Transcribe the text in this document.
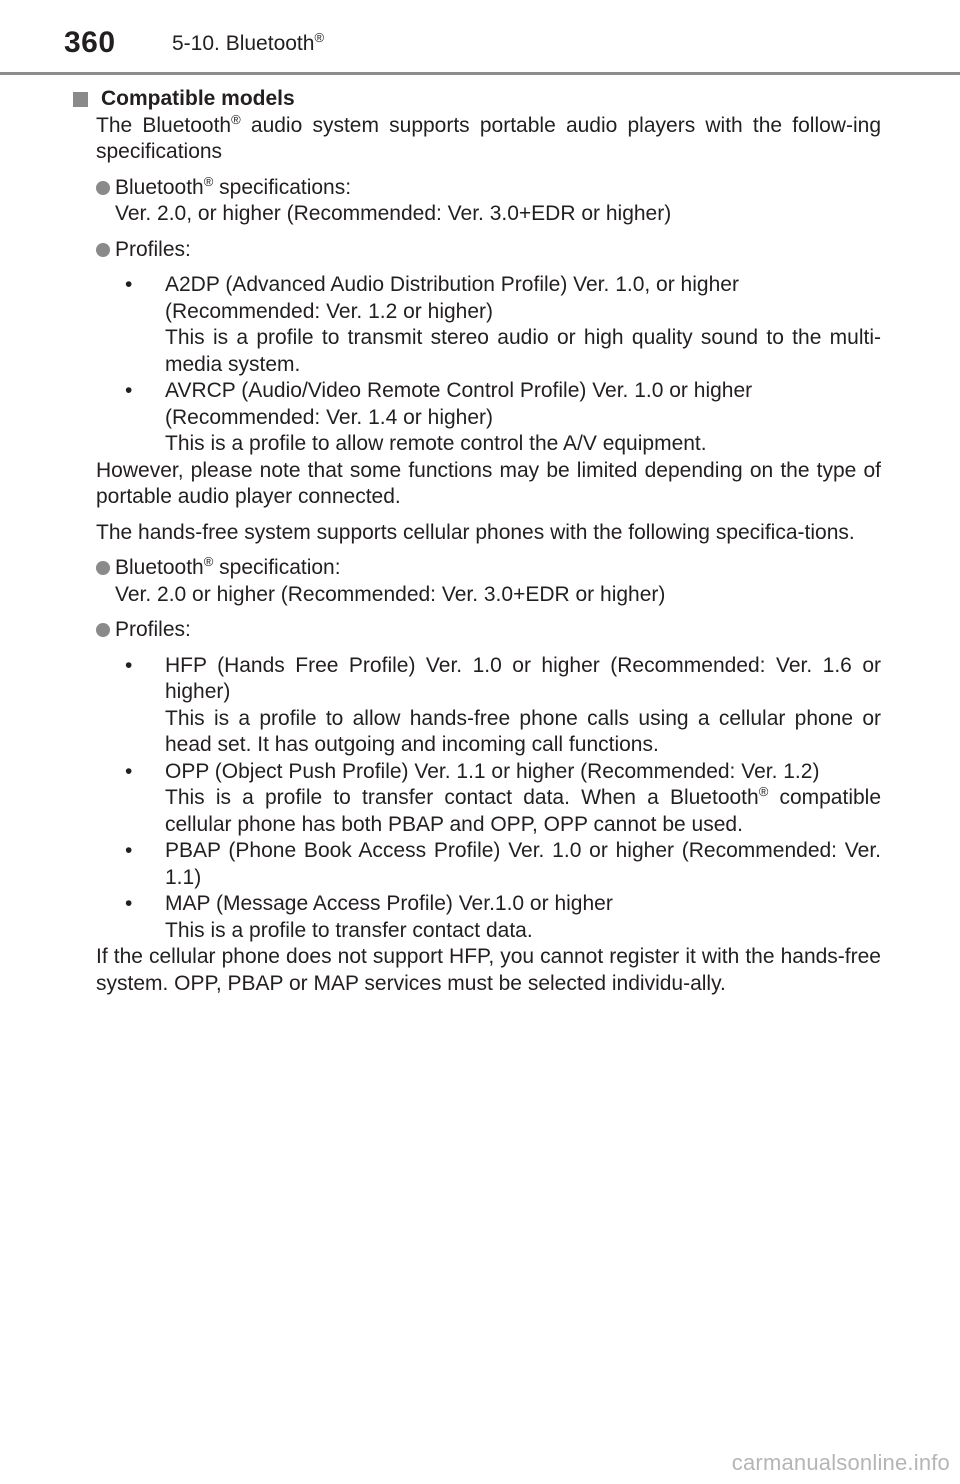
360	5-10. Bluetooth®
Compatible models
The Bluetooth® audio system supports portable audio players with the follow-ing specifications
Bluetooth® specifications:
Ver. 2.0, or higher (Recommended: Ver. 3.0+EDR or higher)
Profiles:
• A2DP (Advanced Audio Distribution Profile) Ver. 1.0, or higher
(Recommended: Ver. 1.2 or higher)
This is a profile to transmit stereo audio or high quality sound to the multi-media system.
• AVRCP (Audio/Video Remote Control Profile) Ver. 1.0 or higher
(Recommended: Ver. 1.4 or higher)
This is a profile to allow remote control the A/V equipment.
However, please note that some functions may be limited depending on the type of portable audio player connected.
The hands-free system supports cellular phones with the following specifica-tions.
Bluetooth® specification:
Ver. 2.0 or higher (Recommended: Ver. 3.0+EDR or higher)
Profiles:
• HFP (Hands Free Profile) Ver. 1.0 or higher (Recommended: Ver. 1.6 or higher)
This is a profile to allow hands-free phone calls using a cellular phone or head set. It has outgoing and incoming call functions.
• OPP (Object Push Profile) Ver. 1.1 or higher (Recommended: Ver. 1.2)
This is a profile to transfer contact data. When a Bluetooth® compatible cellular phone has both PBAP and OPP, OPP cannot be used.
• PBAP (Phone Book Access Profile) Ver. 1.0 or higher (Recommended: Ver. 1.1)
• MAP (Message Access Profile) Ver.1.0 or higher
This is a profile to transfer contact data.
If the cellular phone does not support HFP, you cannot register it with the hands-free system. OPP, PBAP or MAP services must be selected individu-ally.
carmanualsonline.info
